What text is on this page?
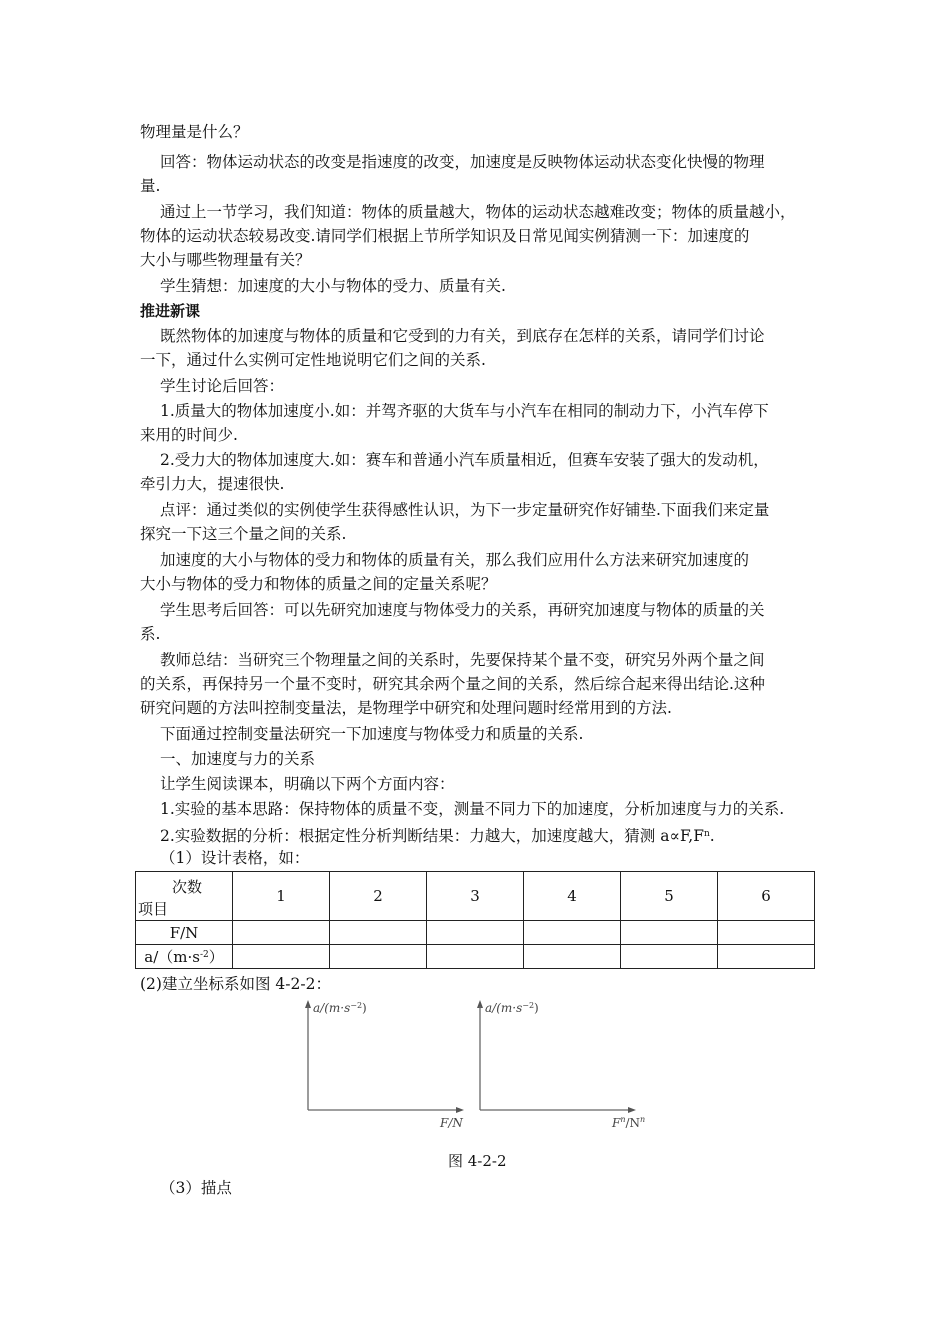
物理量是什么？
回答：物体运动状态的改变是指速度的改变，加速度是反映物体运动状态变化快慢的物理
量.
通过上一节学习，我们知道：物体的质量越大，物体的运动状态越难改变；物体的质量越小，
物体的运动状态较易改变.请同学们根据上节所学知识及日常见闻实例猜测一下：加速度的
大小与哪些物理量有关？
学生猜想：加速度的大小与物体的受力、质量有关.
推进新课
既然物体的加速度与物体的质量和它受到的力有关，到底存在怎样的关系，请同学们讨论
一下，通过什么实例可定性地说明它们之间的关系.
学生讨论后回答：
1.质量大的物体加速度小.如：并驾齐驱的大货车与小汽车在相同的制动力下，小汽车停下
来用的时间少.
2.受力大的物体加速度大.如：赛车和普通小汽车质量相近，但赛车安装了强大的发动机，
牵引力大，提速很快.
点评：通过类似的实例使学生获得感性认识，为下一步定量研究作好铺垫.下面我们来定量
探究一下这三个量之间的关系.
加速度的大小与物体的受力和物体的质量有关，那么我们应用什么方法来研究加速度的
大小与物体的受力和物体的质量之间的定量关系呢？
学生思考后回答：可以先研究加速度与物体受力的关系，再研究加速度与物体的质量的关
系.
教师总结：当研究三个物理量之间的关系时，先要保持某个量不变，研究另外两个量之间
的关系，再保持另一个量不变时，研究其余两个量之间的关系，然后综合起来得出结论.这种
研究问题的方法叫控制变量法，是物理学中研究和处理问题时经常用到的方法.
下面通过控制变量法研究一下加速度与物体受力和质量的关系.
一、加速度与力的关系
让学生阅读课本，明确以下两个方面内容：
1.实验的基本思路：保持物体的质量不变，测量不同力下的加速度，分析加速度与力的关系.
2.实验数据的分析：根据定性分析判断结果：力越大，加速度越大，猜测 $a\propto F,F^n$.
（1）设计表格，如：
次数
项目	1	2	3	4	5	6
F/N						
$a/(m\cdot s^{-2})$						
(2)建立坐标系如图 4-2-2：
$a/(m\cdot s^{-2})$
F/N
$a/(m\cdot s^{-2})$
$F^n/N^n$
图 4-2-2
（3）描点
